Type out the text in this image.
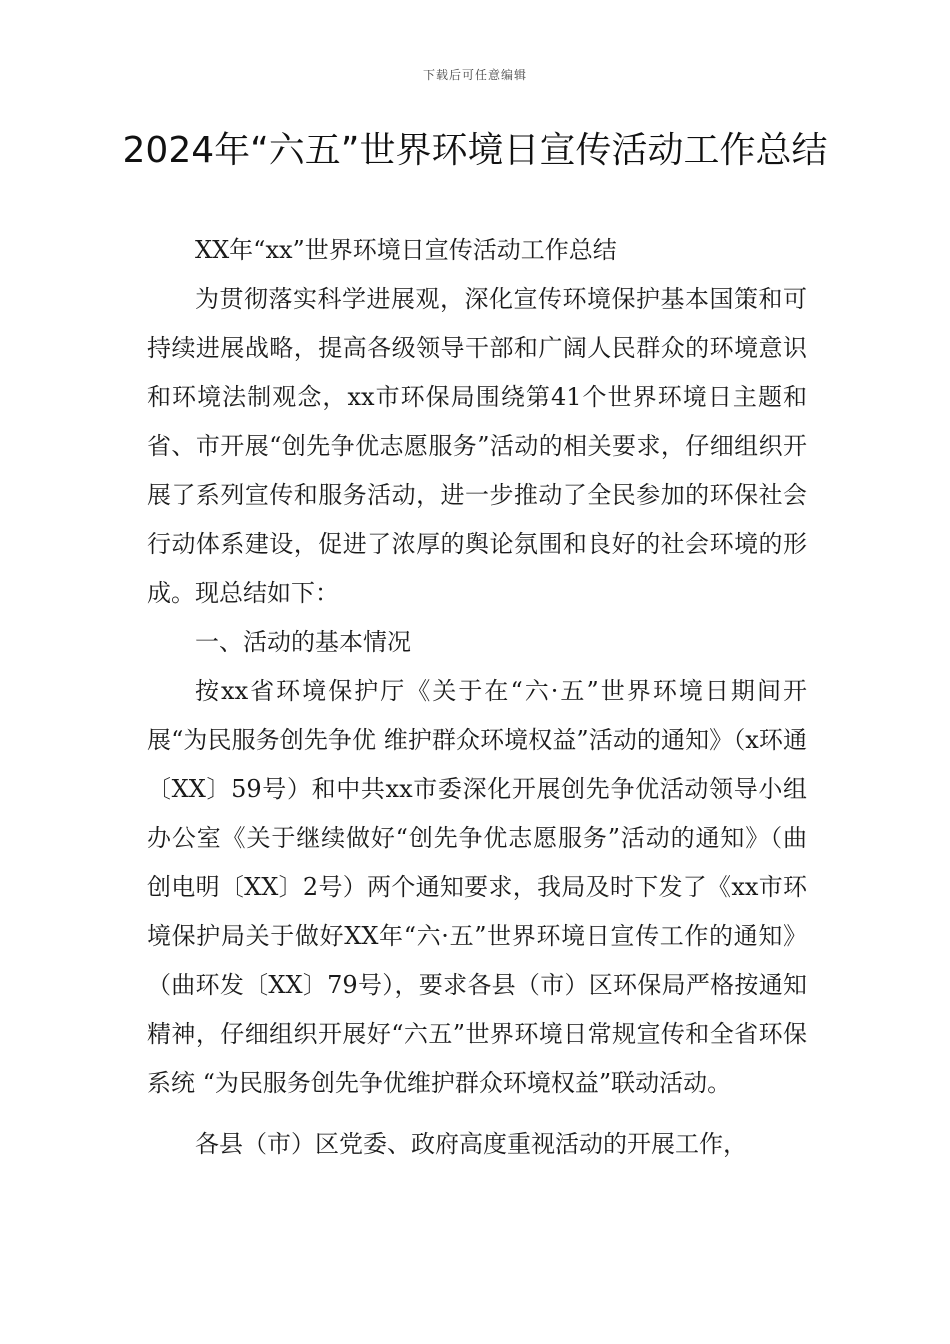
下载后可任意编辑
2024年“六五”世界环境日宣传活动工作总结

XX年“xx”世界环境日宣传活动工作总结

为贯彻落实科学进展观，深化宣传环境保护基本国策和可持续进展战略，提高各级领导干部和广阔人民群众的环境意识和环境法制观念，xx市环保局围绕第41个世界环境日主题和省、市开展“创先争优志愿服务”活动的相关要求，仔细组织开展了系列宣传和服务活动，进一步推动了全民参加的环保社会行动体系建设，促进了浓厚的舆论氛围和良好的社会环境的形成。现总结如下：

一、活动的基本情况

按xx省环境保护厅《关于在“六·五”世界环境日期间开展“为民服务创先争优 维护群众环境权益”活动的通知》（x环通〔XX〕59号）和中共xx市委深化开展创先争优活动领导小组办公室《关于继续做好“创先争优志愿服务”活动的通知》（曲创电明〔XX〕2号）两个通知要求，我局及时下发了《xx市环境保护局关于做好XX年“六·五”世界环境日宣传工作的通知》（曲环发〔XX〕79号），要求各县（市）区环保局严格按通知精神，仔细组织开展好“六五”世界环境日常规宣传和全省环保系统 “为民服务创先争优维护群众环境权益”联动活动。

各县（市）区党委、政府高度重视活动的开展工作，
